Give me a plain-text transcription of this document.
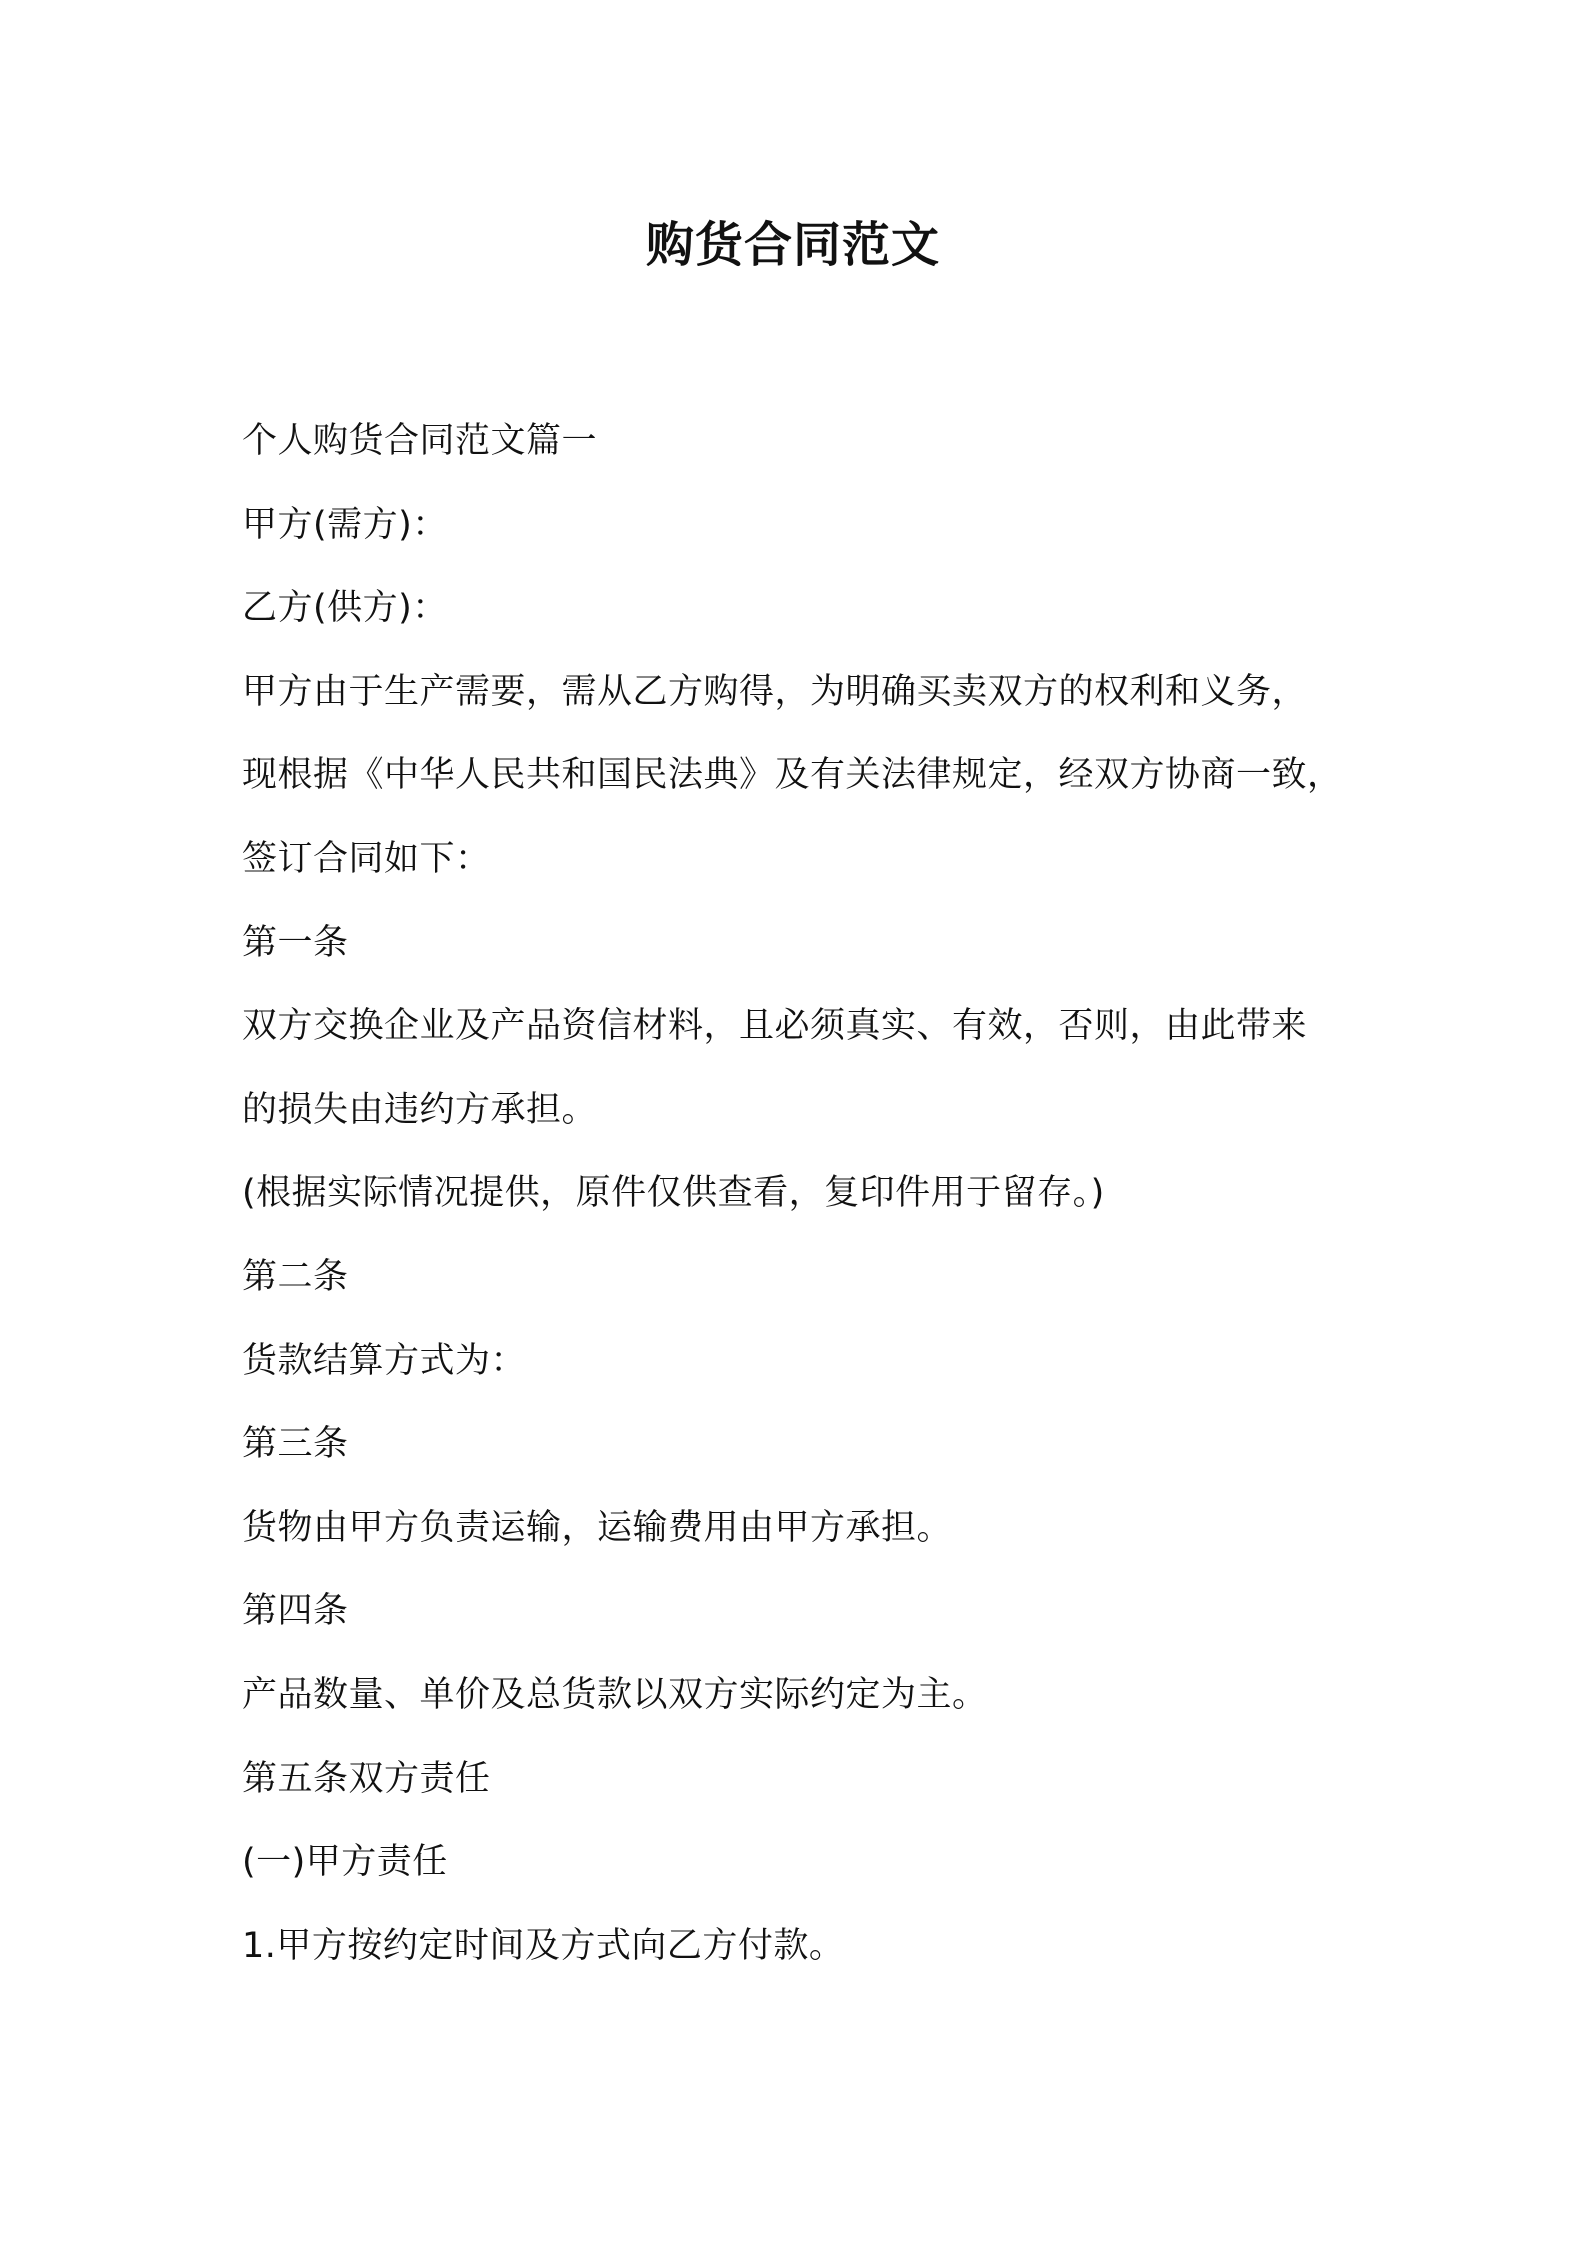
购货合同范文
个人购货合同范文篇一
甲方(需方)：
乙方(供方)：
甲方由于生产需要，需从乙方购得，为明确买卖双方的权利和义务，
现根据《中华人民共和国民法典》及有关法律规定，经双方协商一致，
签订合同如下：
第一条
双方交换企业及产品资信材料，且必须真实、有效，否则，由此带来
的损失由违约方承担。
(根据实际情况提供，原件仅供查看，复印件用于留存。)
第二条
货款结算方式为：
第三条
货物由甲方负责运输，运输费用由甲方承担。
第四条
产品数量、单价及总货款以双方实际约定为主。
第五条双方责任
(一)甲方责任
1.甲方按约定时间及方式向乙方付款。
